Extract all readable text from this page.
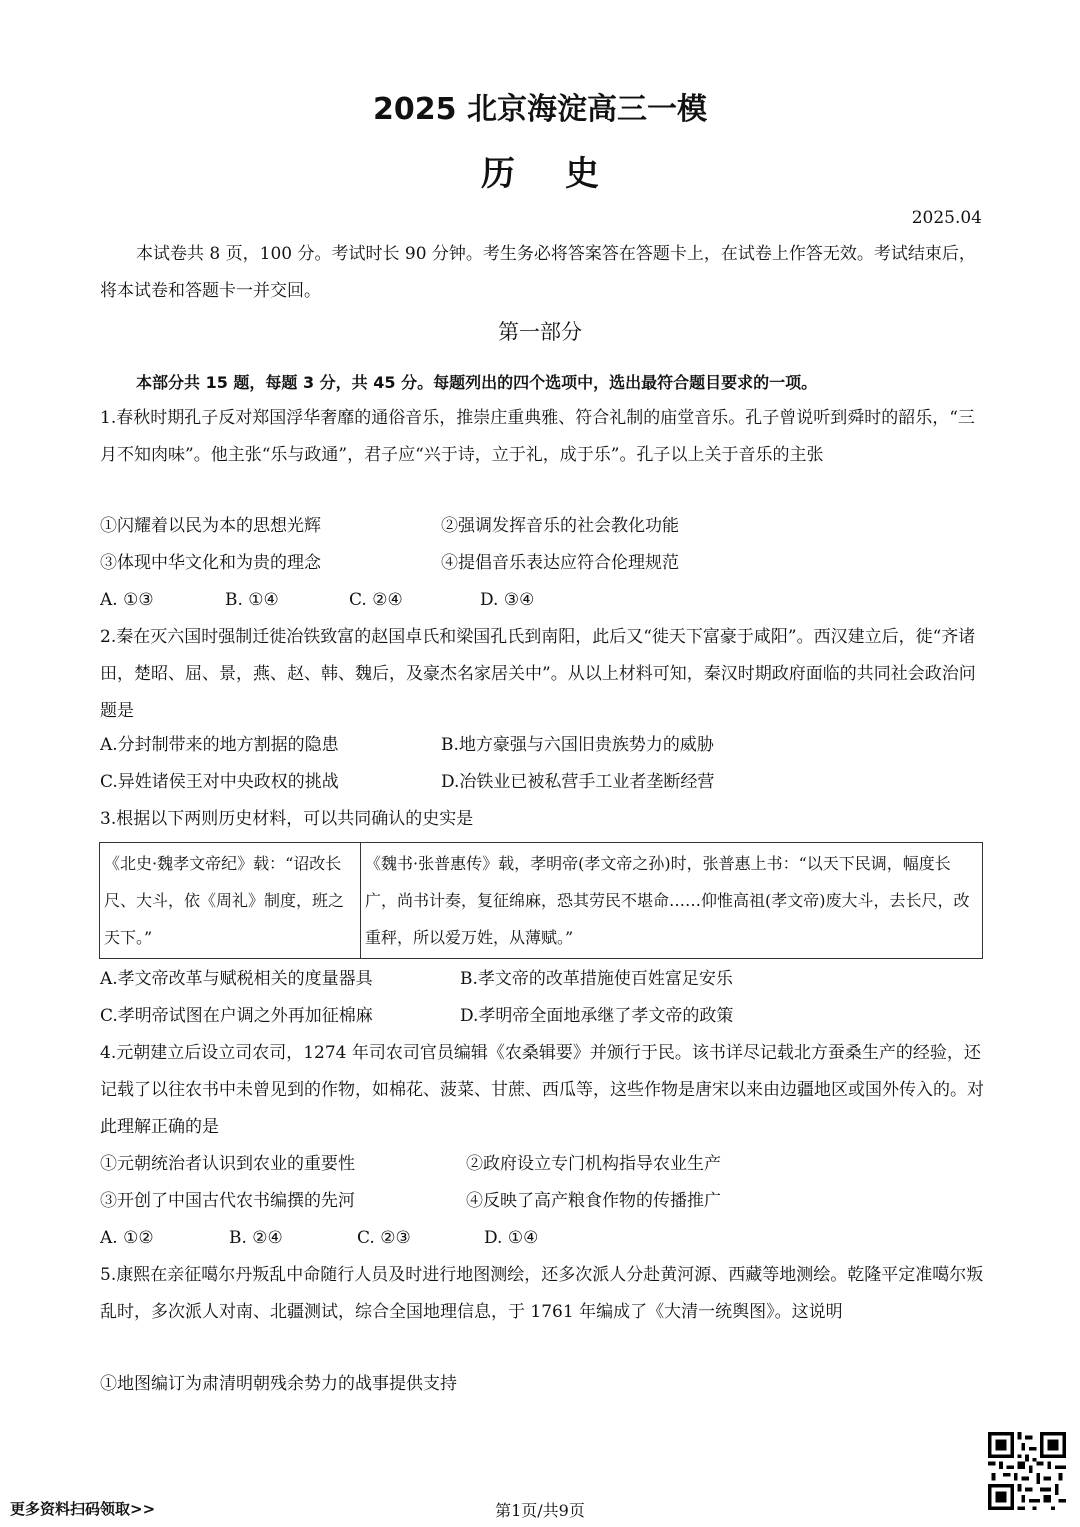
2025 北京海淀高三一模
历史
2025.04
本试卷共 8 页，100 分。考试时长 90 分钟。考生务必将答案答在答题卡上，在试卷上作答无效。考试结束后，将本试卷和答题卡一并交回。
第一部分
本部分共 15 题，每题 3 分，共 45 分。每题列出的四个选项中，选出最符合题目要求的一项。
1.春秋时期孔子反对郑国浮华奢靡的通俗音乐，推崇庄重典雅、符合礼制的庙堂音乐。孔子曾说听到舜时的韶乐，“三月不知肉味”。他主张“乐与政通”，君子应“兴于诗，立于礼，成于乐”。孔子以上关于音乐的主张
①闪耀着以民为本的思想光辉	②强调发挥音乐的社会教化功能
③体现中华文化和为贵的理念	④提倡音乐表达应符合伦理规范
A. ①③	B. ①④	C. ②④	D. ③④
2.秦在灭六国时强制迁徙冶铁致富的赵国卓氏和梁国孔氏到南阳，此后又“徙天下富豪于咸阳”。西汉建立后，徙“齐诸田，楚昭、屈、景，燕、赵、韩、魏后，及豪杰名家居关中”。从以上材料可知，秦汉时期政府面临的共同社会政治问题是
A.分封制带来的地方割据的隐患	B.地方豪强与六国旧贵族势力的威胁
C.异姓诸侯王对中央政权的挑战	D.冶铁业已被私营手工业者垄断经营
3.根据以下两则历史材料，可以共同确认的史实是
《北史·魏孝文帝纪》载：“诏改长尺、大斗，依《周礼》制度，班之天下。”	《魏书·张普惠传》载，孝明帝(孝文帝之孙)时，张普惠上书：“以天下民调，幅度长广，尚书计奏，复征绵麻，恐其劳民不堪命……仰惟高祖(孝文帝)废大斗，去长尺，改重秤，所以爱万姓，从薄赋。”
A.孝文帝改革与赋税相关的度量器具	B.孝文帝的改革措施使百姓富足安乐
C.孝明帝试图在户调之外再加征棉麻	D.孝明帝全面地承继了孝文帝的政策
4.元朝建立后设立司农司，1274 年司农司官员编辑《农桑辑要》并颁行于民。该书详尽记载北方蚕桑生产的经验，还记载了以往农书中未曾见到的作物，如棉花、菠菜、甘蔗、西瓜等，这些作物是唐宋以来由边疆地区或国外传入的。对此理解正确的是
①元朝统治者认识到农业的重要性	②政府设立专门机构指导农业生产
③开创了中国古代农书编撰的先河	④反映了高产粮食作物的传播推广
A. ①②	B. ②④	C. ②③	D. ①④
5.康熙在亲征噶尔丹叛乱中命随行人员及时进行地图测绘，还多次派人分赴黄河源、西藏等地测绘。乾隆平定准噶尔叛乱时，多次派人对南、北疆测试，综合全国地理信息，于 1761 年编成了《大清一统舆图》。这说明
①地图编订为肃清明朝残余势力的战事提供支持
更多资料扫码领取>>	第1页/共9页
